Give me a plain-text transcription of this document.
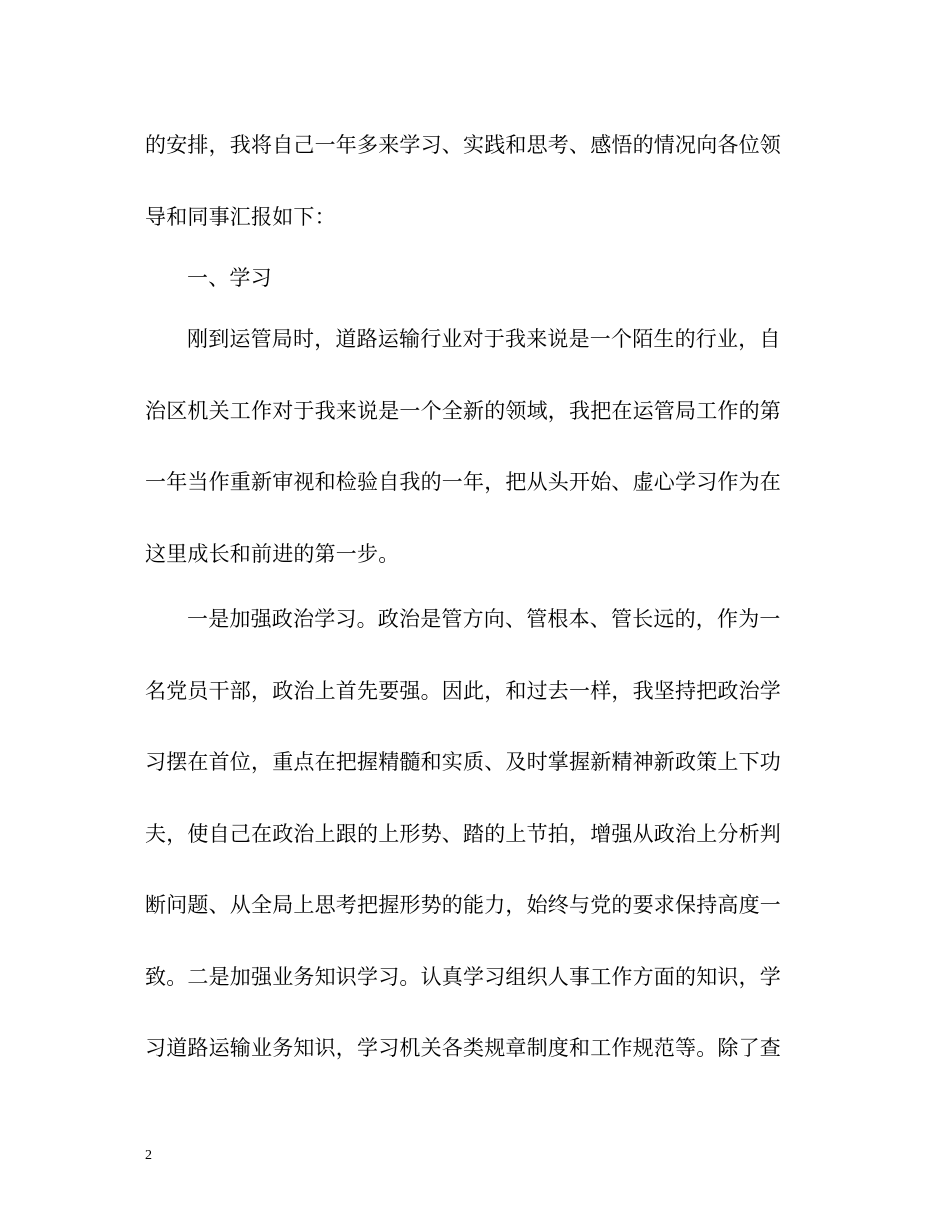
的安排，我将自己一年多来学习、实践和思考、感悟的情况向各位领
导和同事汇报如下：
一、学习
刚到运管局时，道路运输行业对于我来说是一个陌生的行业，自
治区机关工作对于我来说是一个全新的领域，我把在运管局工作的第
一年当作重新审视和检验自我的一年，把从头开始、虚心学习作为在
这里成长和前进的第一步。
一是加强政治学习。政治是管方向、管根本、管长远的，作为一
名党员干部，政治上首先要强。因此，和过去一样，我坚持把政治学
习摆在首位，重点在把握精髓和实质、及时掌握新精神新政策上下功
夫，使自己在政治上跟的上形势、踏的上节拍，增强从政治上分析判
断问题、从全局上思考把握形势的能力，始终与党的要求保持高度一
致。二是加强业务知识学习。认真学习组织人事工作方面的知识，学
习道路运输业务知识，学习机关各类规章制度和工作规范等。除了查
2
